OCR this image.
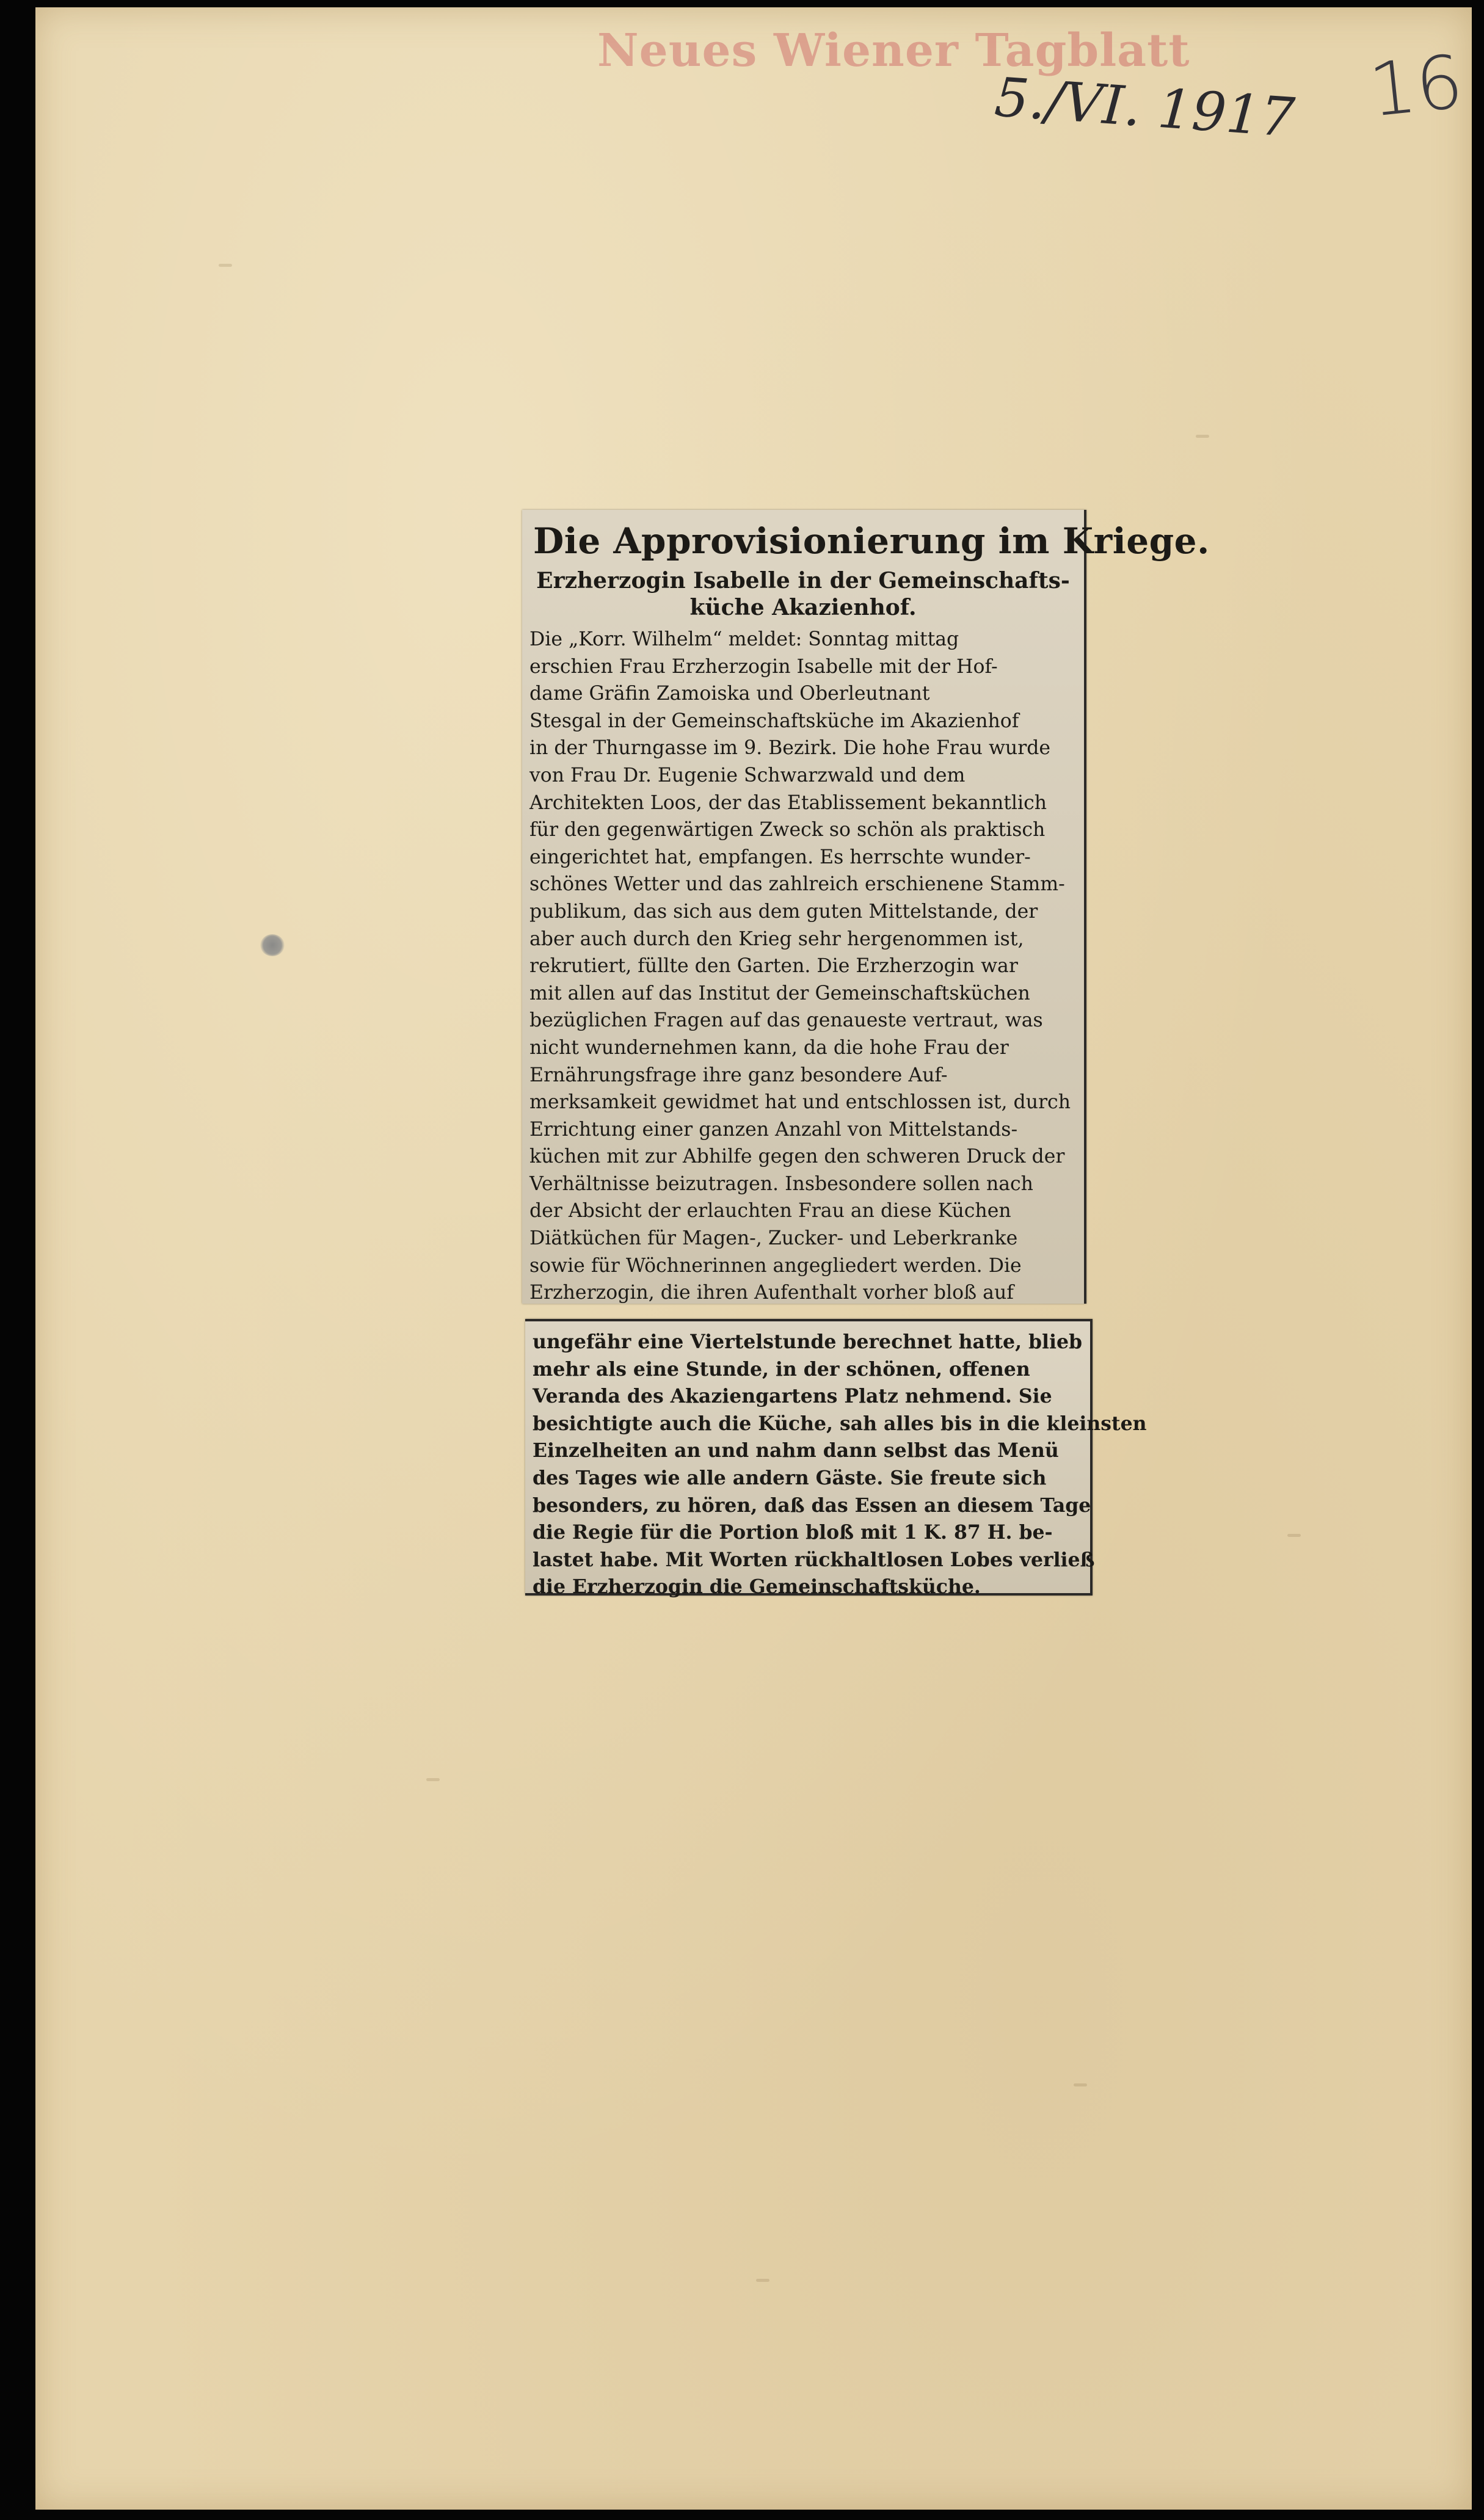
Neues Wiener Tagblatt
5./VI. 1917 16
Die Approvisionierung im Kriege.
Erzherzogin Isabelle in der Gemeinschafts-küche Akazienhof.
Die „Korr. Wilhelm“ meldet: Sonntag mittag
erschien Frau Erzherzogin Isabelle mit der Hof-
dame Gräfin Zamoiska und Oberleutnant
Stesgal in der Gemeinschaftsküche im Akazienhof
in der Thurngasse im 9. Bezirk. Die hohe Frau wurde
von Frau Dr. Eugenie Schwarzwald und dem
Architekten Loos, der das Etablissement bekanntlich
für den gegenwärtigen Zweck so schön als praktisch
eingerichtet hat, empfangen. Es herrschte wunder-
schönes Wetter und das zahlreich erschienene Stamm-
publikum, das sich aus dem guten Mittelstande, der
aber auch durch den Krieg sehr hergenommen ist,
rekrutiert, füllte den Garten. Die Erzherzogin war
mit allen auf das Institut der Gemeinschaftsküchen
bezüglichen Fragen auf das genaueste vertraut, was
nicht wundernehmen kann, da die hohe Frau der
Ernährungsfrage ihre ganz besondere Auf-
merksamkeit gewidmet hat und entschlossen ist, durch
Errichtung einer ganzen Anzahl von Mittelstands-
küchen mit zur Abhilfe gegen den schweren Druck der
Verhältnisse beizutragen. Insbesondere sollen nach
der Absicht der erlauchten Frau an diese Küchen
Diätküchen für Magen-, Zucker- und Leberkranke
sowie für Wöchnerinnen angegliedert werden. Die
Erzherzogin, die ihren Aufenthalt vorher bloß auf
ungefähr eine Viertelstunde berechnet hatte, blieb
mehr als eine Stunde, in der schönen, offenen
Veranda des Akaziengartens Platz nehmend. Sie
besichtigte auch die Küche, sah alles bis in die kleinsten
Einzelheiten an und nahm dann selbst das Menü
des Tages wie alle andern Gäste. Sie freute sich
besonders, zu hören, daß das Essen an diesem Tage
die Regie für die Portion bloß mit 1 K. 87 H. be-
lastet habe. Mit Worten rückhaltlosen Lobes verließ
die Erzherzogin die Gemeinschaftsküche.
